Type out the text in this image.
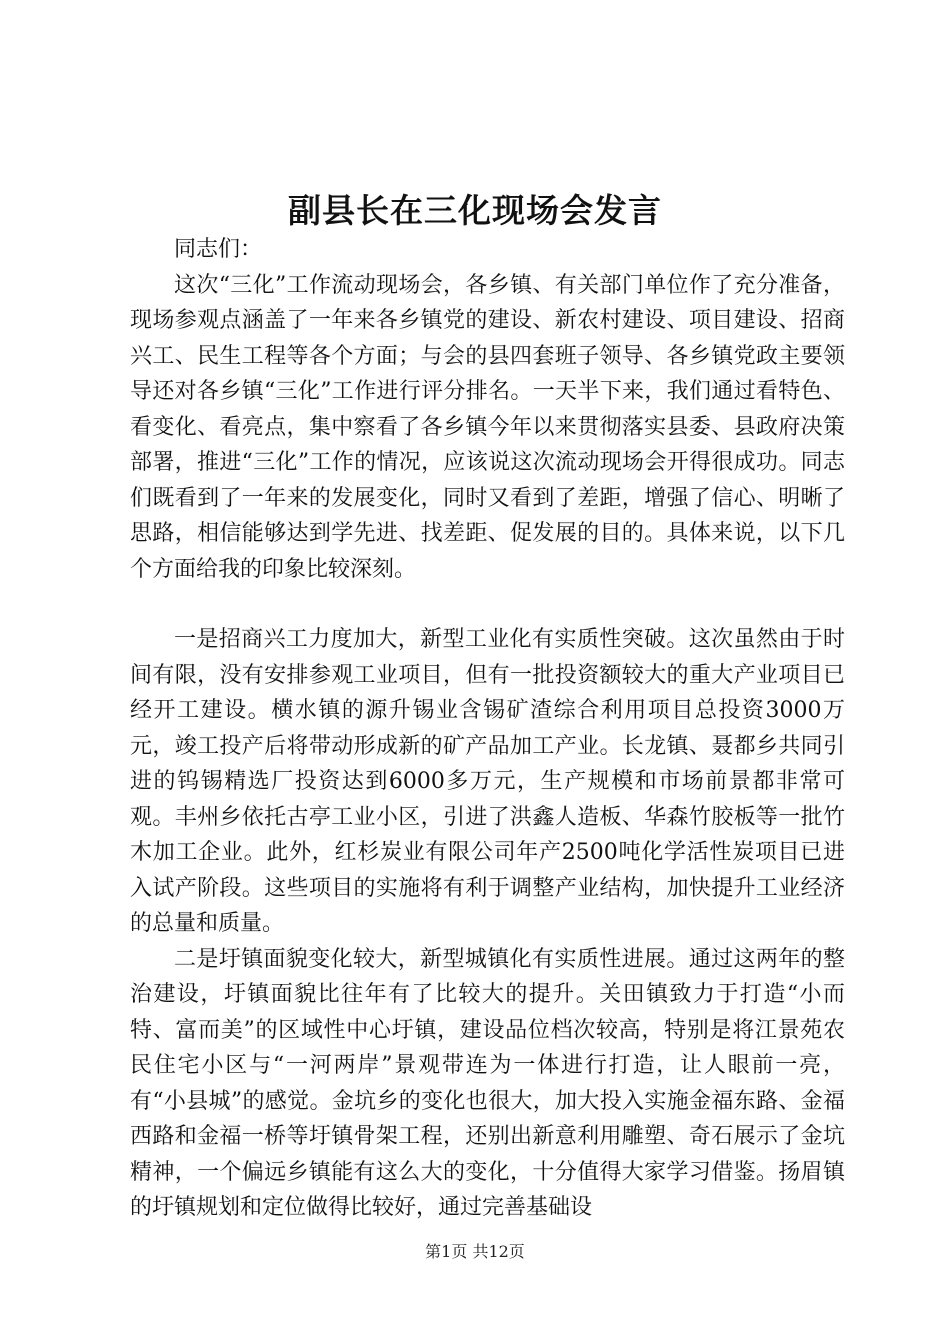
副县长在三化现场会发言

同志们：

这次“三化”工作流动现场会，各乡镇、有关部门单位作了充分准备，现场参观点涵盖了一年来各乡镇党的建设、新农村建设、项目建设、招商兴工、民生工程等各个方面；与会的县四套班子领导、各乡镇党政主要领导还对各乡镇“三化”工作进行评分排名。一天半下来，我们通过看特色、看变化、看亮点，集中察看了各乡镇今年以来贯彻落实县委、县政府决策部署，推进“三化”工作的情况，应该说这次流动现场会开得很成功。同志们既看到了一年来的发展变化，同时又看到了差距，增强了信心、明晰了思路，相信能够达到学先进、找差距、促发展的目的。具体来说，以下几个方面给我的印象比较深刻。

一是招商兴工力度加大，新型工业化有实质性突破。这次虽然由于时间有限，没有安排参观工业项目，但有一批投资额较大的重大产业项目已经开工建设。横水镇的源升锡业含锡矿渣综合利用项目总投资3000万元，竣工投产后将带动形成新的矿产品加工产业。长龙镇、聂都乡共同引进的钨锡精选厂投资达到6000多万元，生产规模和市场前景都非常可观。丰州乡依托古亭工业小区，引进了洪鑫人造板、华森竹胶板等一批竹木加工企业。此外，红杉炭业有限公司年产2500吨化学活性炭项目已进入试产阶段。这些项目的实施将有利于调整产业结构，加快提升工业经济的总量和质量。

二是圩镇面貌变化较大，新型城镇化有实质性进展。通过这两年的整治建设，圩镇面貌比往年有了比较大的提升。关田镇致力于打造“小而特、富而美”的区域性中心圩镇，建设品位档次较高，特别是将江景苑农民住宅小区与“一河两岸”景观带连为一体进行打造，让人眼前一亮，有“小县城”的感觉。金坑乡的变化也很大，加大投入实施金福东路、金福西路和金福一桥等圩镇骨架工程，还别出新意利用雕塑、奇石展示了金坑精神，一个偏远乡镇能有这么大的变化，十分值得大家学习借鉴。扬眉镇的圩镇规划和定位做得比较好，通过完善基础设

第1页 共12页
